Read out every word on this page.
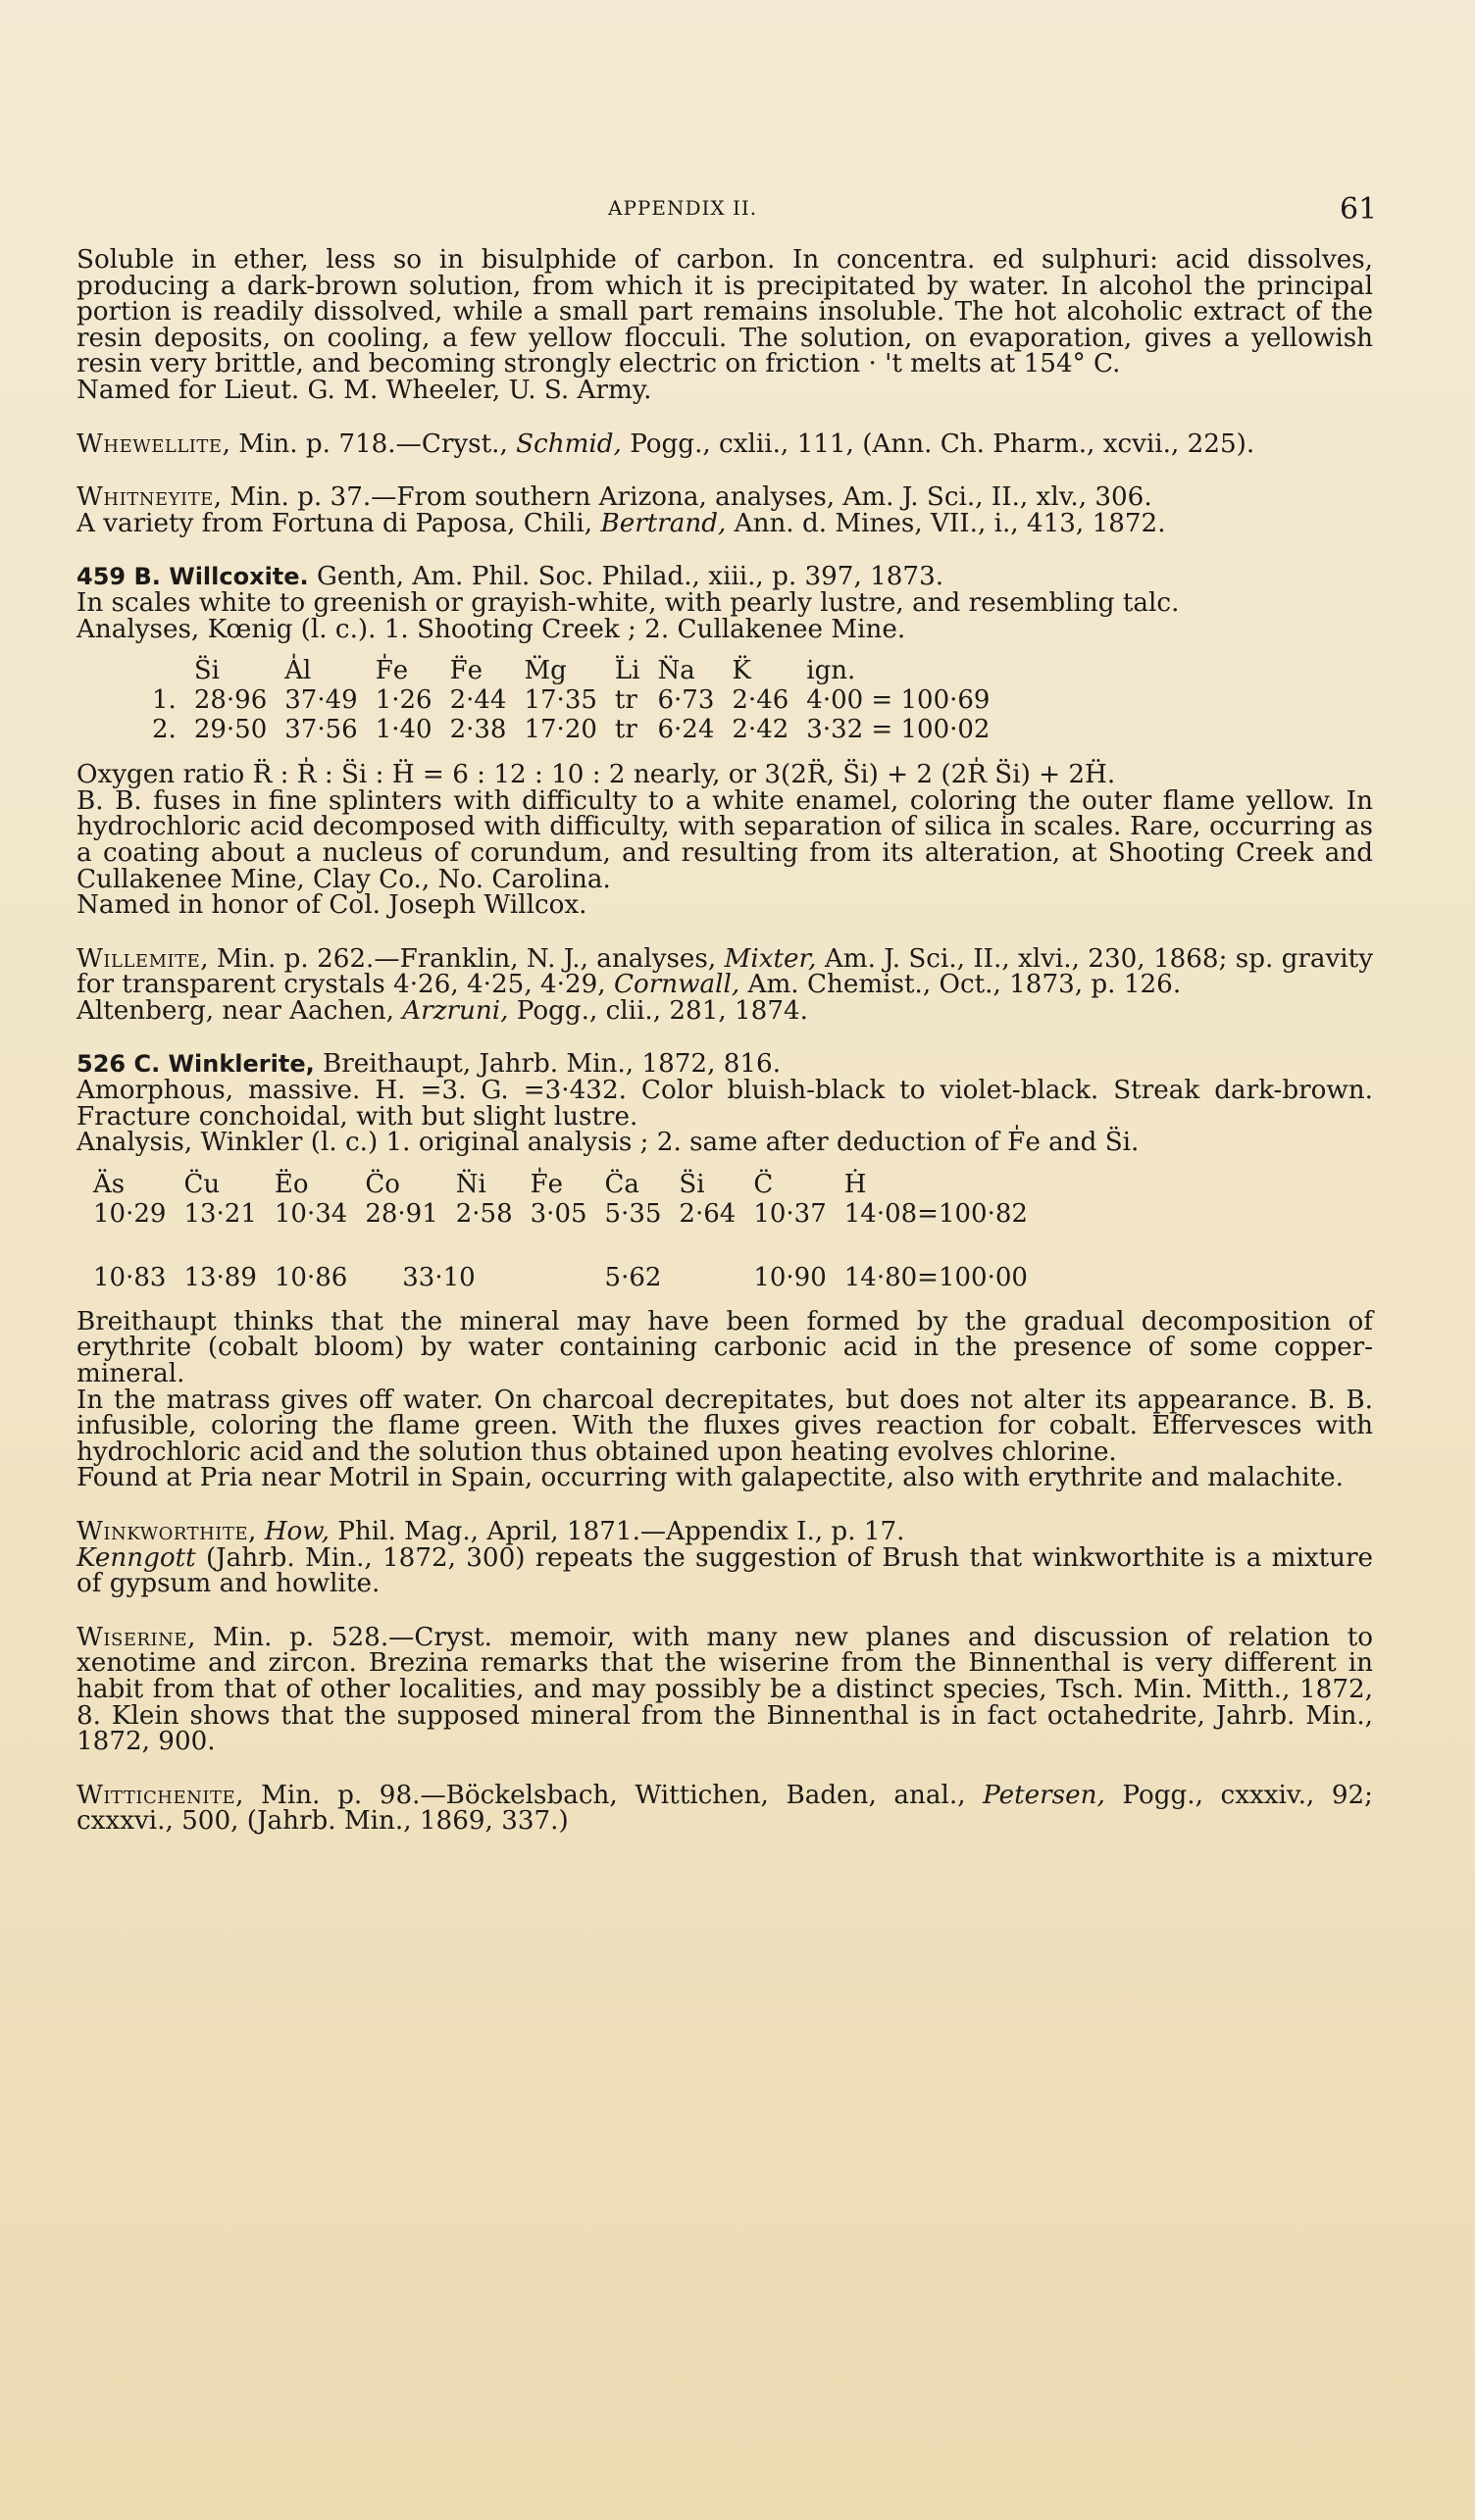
APPENDIX II.	61

Soluble in ether, less so in bisulphide of carbon. In concentra. ed sulphuri: acid dissolves, producing a dark-brown solution, from which it is precipitated by water. In alcohol the principal portion is readily dissolved, while a small part remains insoluble. The hot alcoholic extract of the resin deposits, on cooling, a few yellow flocculi. The solution, on evaporation, gives a yellowish resin very brittle, and becoming strongly electric on friction · 't melts at 154° C.

Named for Lieut. G. M. Wheeler, U. S. Army.

Whewellite, Min. p. 718.—Cryst., Schmid, Pogg., cxlii., 111, (Ann. Ch. Pharm., xcvii., 225).

Whitneyite, Min. p. 37.—From southern Arizona, analyses, Am. J. Sci., II., xlv., 306.

A variety from Fortuna di Paposa, Chili, Bertrand, Ann. d. Mines, VII., i., 413, 1872.

459 B. Willcoxite. Genth, Am. Phil. Soc. Philad., xiii., p. 397, 1873.

In scales white to greenish or grayish-white, with pearly lustre, and resembling talc.

Analyses, Kœnig (l. c.). 1. Shooting Creek ; 2. Cullakenee Mine.

	S̈i	A̍l	F̍e	F̈e	M̈g	L̈i	N̈a	K̈	ign.
1.	28·96	37·49	1·26	2·44	17·35	tr	6·73	2·46	4·00 = 100·69
2.	29·50	37·56	1·40	2·38	17·20	tr	6·24	2·42	3·32 = 100·02

Oxygen ratio R̈ : R̍ : S̈i : Ḧ = 6 : 12 : 10 : 2 nearly, or 3(2R̈, S̈i) + 2 (2R̍ S̈i) + 2Ḧ.

B. B. fuses in fine splinters with difficulty to a white enamel, coloring the outer flame yellow. In hydrochloric acid decomposed with difficulty, with separation of silica in scales. Rare, occurring as a coating about a nucleus of corundum, and resulting from its alteration, at Shooting Creek and Cullakenee Mine, Clay Co., No. Carolina.

Named in honor of Col. Joseph Willcox.

Willemite, Min. p. 262.—Franklin, N. J., analyses, Mixter, Am. J. Sci., II., xlvi., 230, 1868; sp. gravity for transparent crystals 4·26, 4·25, 4·29, Cornwall, Am. Chemist., Oct., 1873, p. 126.

Altenberg, near Aachen, Arzruni, Pogg., clii., 281, 1874.

526 C. Winklerite, Breithaupt, Jahrb. Min., 1872, 816.

Amorphous, massive. H. =3. G. =3·432. Color bluish-black to violet-black. Streak dark-brown. Fracture conchoidal, with but slight lustre.

Analysis, Winkler (l. c.) 1. original analysis ; 2. same after deduction of F̍e and S̈i.

Äs	C̈u	Ëo	C̈o	N̈i	F̍e	C̈a	S̈i	C̈	Ḣ
10·29	13·21	10·34	28·91	2·58	3·05	5·35	2·64	10·37	14·08=100·82
10·83	13·89	10·86	33·10			5·62		10·90	14·80=100·00

Breithaupt thinks that the mineral may have been formed by the gradual decomposition of erythrite (cobalt bloom) by water containing carbonic acid in the presence of some copper-mineral.

In the matrass gives off water. On charcoal decrepitates, but does not alter its appearance. B. B. infusible, coloring the flame green. With the fluxes gives reaction for cobalt. Effervesces with hydrochloric acid and the solution thus obtained upon heating evolves chlorine.

Found at Pria near Motril in Spain, occurring with galapectite, also with erythrite and malachite.

Winkworthite, How, Phil. Mag., April, 1871.—Appendix I., p. 17.

Kenngott (Jahrb. Min., 1872, 300) repeats the suggestion of Brush that winkworthite is a mixture of gypsum and howlite.

Wiserine, Min. p. 528.—Cryst. memoir, with many new planes and discussion of relation to xenotime and zircon. Brezina remarks that the wiserine from the Binnenthal is very different in habit from that of other localities, and may possibly be a distinct species, Tsch. Min. Mitth., 1872, 8. Klein shows that the supposed mineral from the Binnenthal is in fact octahedrite, Jahrb. Min., 1872, 900.

Wittichenite, Min. p. 98.—Böckelsbach, Wittichen, Baden, anal., Petersen, Pogg., cxxxiv., 92; cxxxvi., 500, (Jahrb. Min., 1869, 337.)
